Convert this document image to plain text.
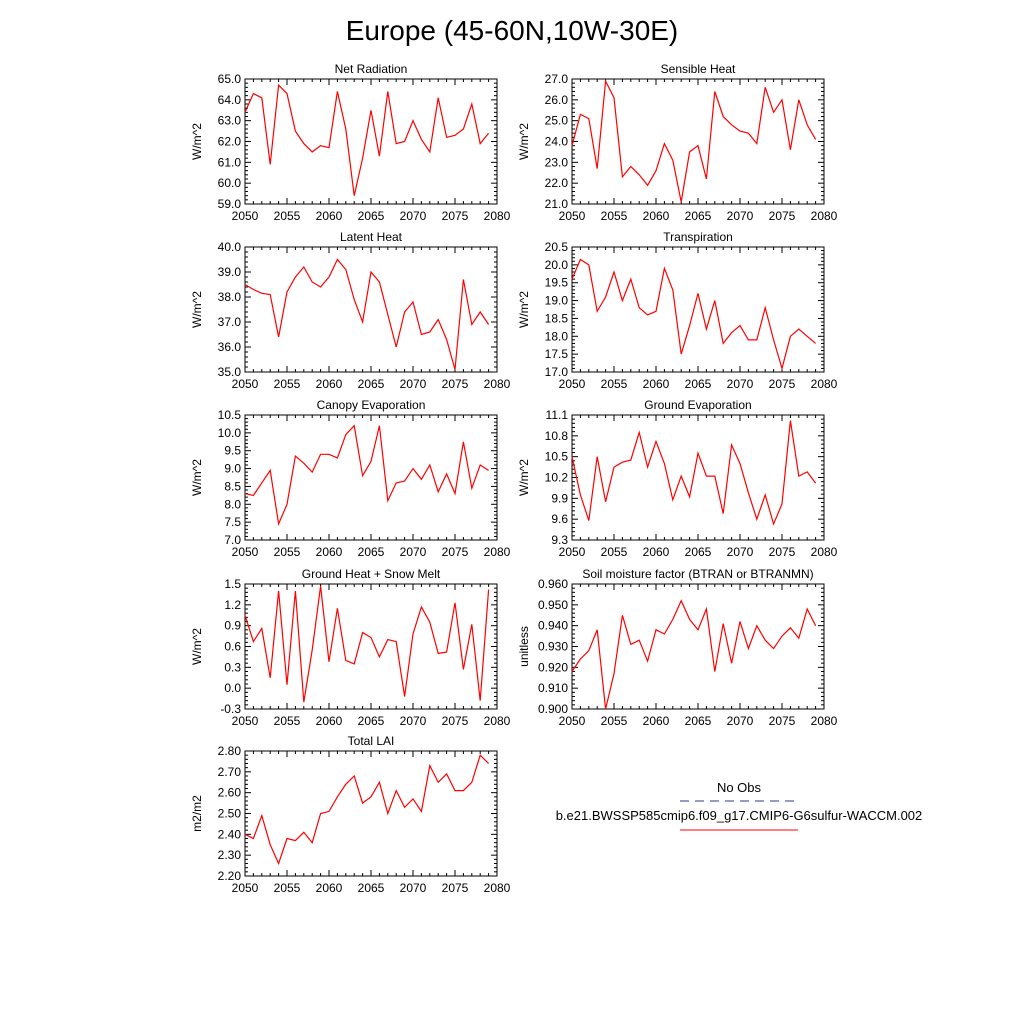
Europe (45-60N,10W-30E)
Net Radiation
W/m^2
59.0
60.0
61.0
62.0
63.0
64.0
65.0
2050 2055 2060 2065 2070 2075 2080
Sensible Heat
W/m^2
21.0
22.0
23.0
24.0
25.0
26.0
27.0
2050 2055 2060 2065 2070 2075 2080
Latent Heat
W/m^2
35.0
36.0
37.0
38.0
39.0
40.0
2050 2055 2060 2065 2070 2075 2080
Transpiration
W/m^2
17.0
17.5
18.0
18.5
19.0
19.5
20.0
20.5
2050 2055 2060 2065 2070 2075 2080
Canopy Evaporation
W/m^2
7.0
7.5
8.0
8.5
9.0
9.5
10.0
10.5
2050 2055 2060 2065 2070 2075 2080
Ground Evaporation
W/m^2
9.3
9.6
9.9
10.2
10.5
10.8
11.1
2050 2055 2060 2065 2070 2075 2080
Ground Heat + Snow Melt
W/m^2
-0.3
0.0
0.3
0.6
0.9
1.2
1.5
2050 2055 2060 2065 2070 2075 2080
Soil moisture factor (BTRAN or BTRANMN)
unitless
0.900
0.910
0.920
0.930
0.940
0.950
0.960
2050 2055 2060 2065 2070 2075 2080
Total LAI
m2/m2
2.20
2.30
2.40
2.50
2.60
2.70
2.80
2050 2055 2060 2065 2070 2075 2080
No Obs
b.e21.BWSSP585cmip6.f09_g17.CMIP6-G6sulfur-WACCM.002
